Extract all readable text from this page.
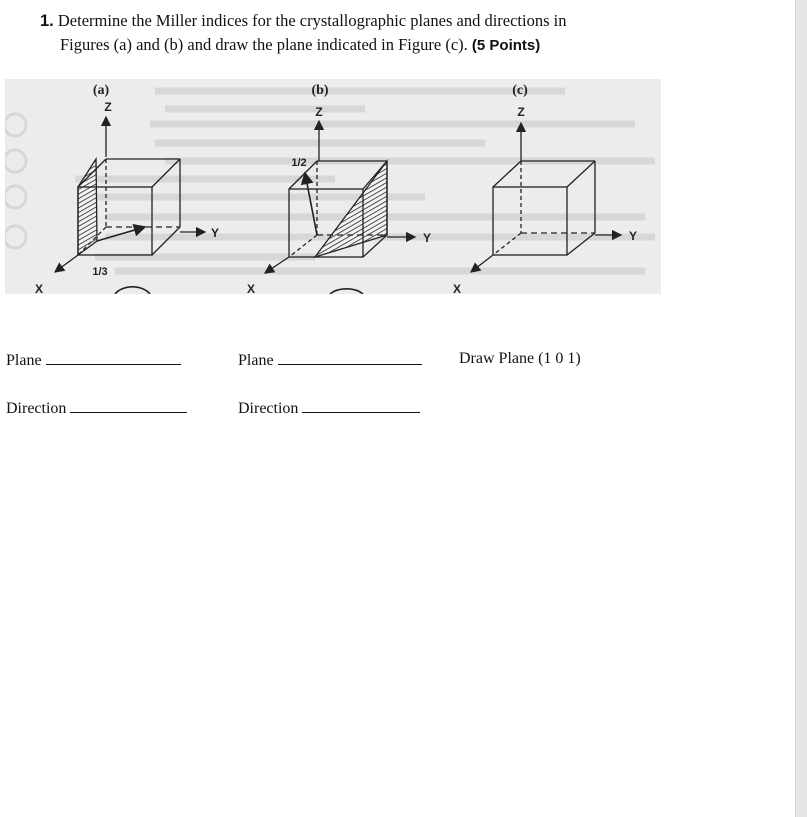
1. Determine the Miller indices for the crystallographic planes and directions in
Figures (a) and (b) and draw the plane indicated in Figure (c). (5 Points)
(a)
Z
Y
1/3
X
(b)
Z
1/2
Y
X
(c)
Z
Y
X
Plane
Direction
Plane
Direction
Draw Plane (1 0 1)
